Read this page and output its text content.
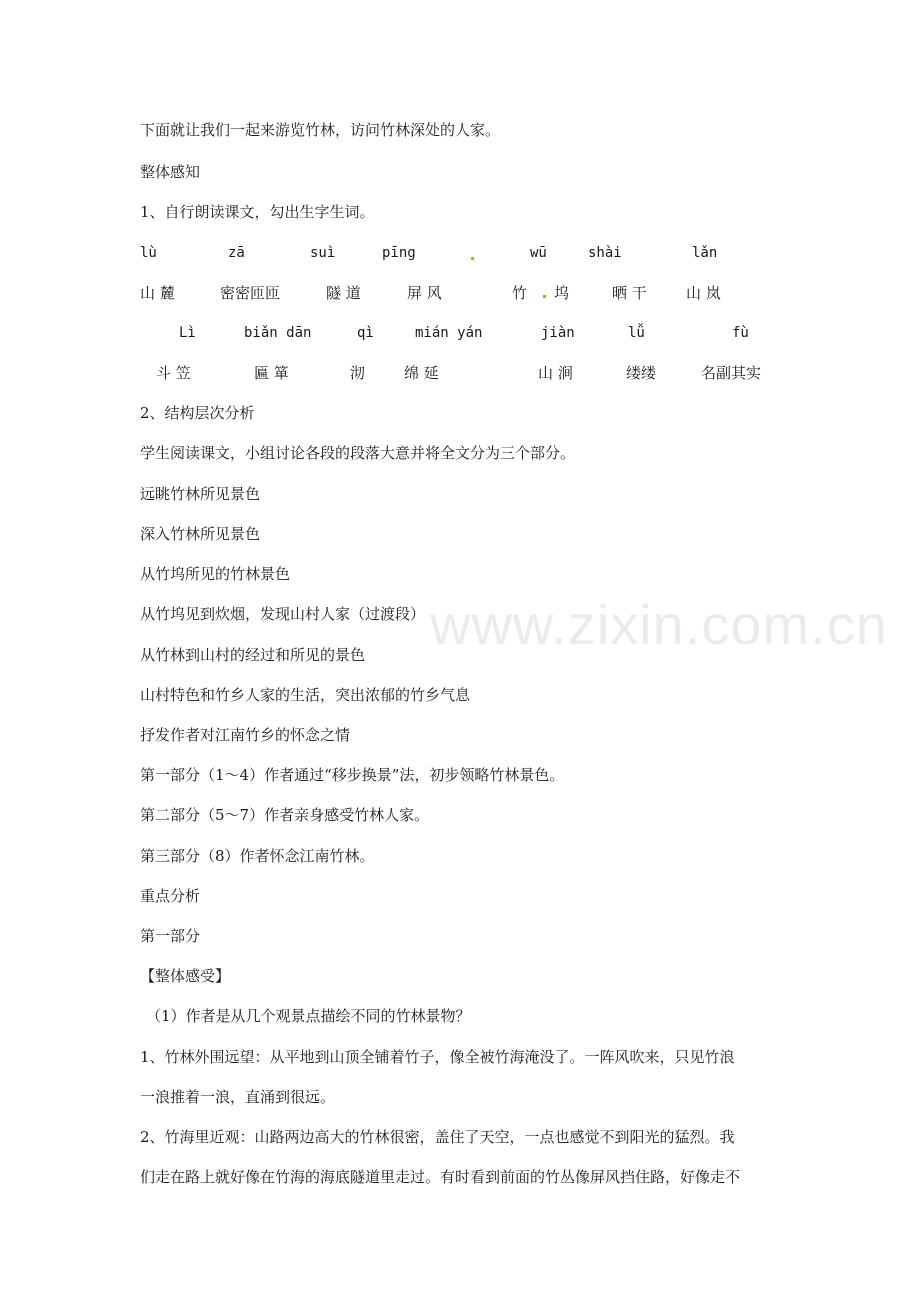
下面就让我们一起来游览竹林，访问竹林深处的人家。
整体感知
1、自行朗读课文，勾出生字生词。
lù	zā	suì	pīng	wū	shài	lǎn
山 麓	密密匝匝	隧 道	屏 风	竹 坞	晒 干	山 岚
Lì	biǎn dān	qì	mián yán	jiàn	lǚ	fù
斗 笠	匾 箪	沏	绵 延	山 涧	缕缕	名副其实
2、结构层次分析
学生阅读课文，小组讨论各段的段落大意并将全文分为三个部分。
远眺竹林所见景色
深入竹林所见景色
从竹坞所见的竹林景色
从竹坞见到炊烟，发现山村人家（过渡段）
从竹林到山村的经过和所见的景色
山村特色和竹乡人家的生活，突出浓郁的竹乡气息
抒发作者对江南竹乡的怀念之情
第一部分（1～4）作者通过“移步换景”法，初步领略竹林景色。
第二部分（5～7）作者亲身感受竹林人家。
第三部分（8）作者怀念江南竹林。
重点分析
第一部分
【整体感受】
（1）作者是从几个观景点描绘不同的竹林景物？
1、竹林外围远望：从平地到山顶全铺着竹子，像全被竹海淹没了。一阵风吹来，只见竹浪
一浪推着一浪，直涌到很远。
2、竹海里近观：山路两边高大的竹林很密，盖住了天空，一点也感觉不到阳光的猛烈。我
们走在路上就好像在竹海的海底隧道里走过。有时看到前面的竹丛像屏风挡住路，好像走不
www.zixin.com.cn
